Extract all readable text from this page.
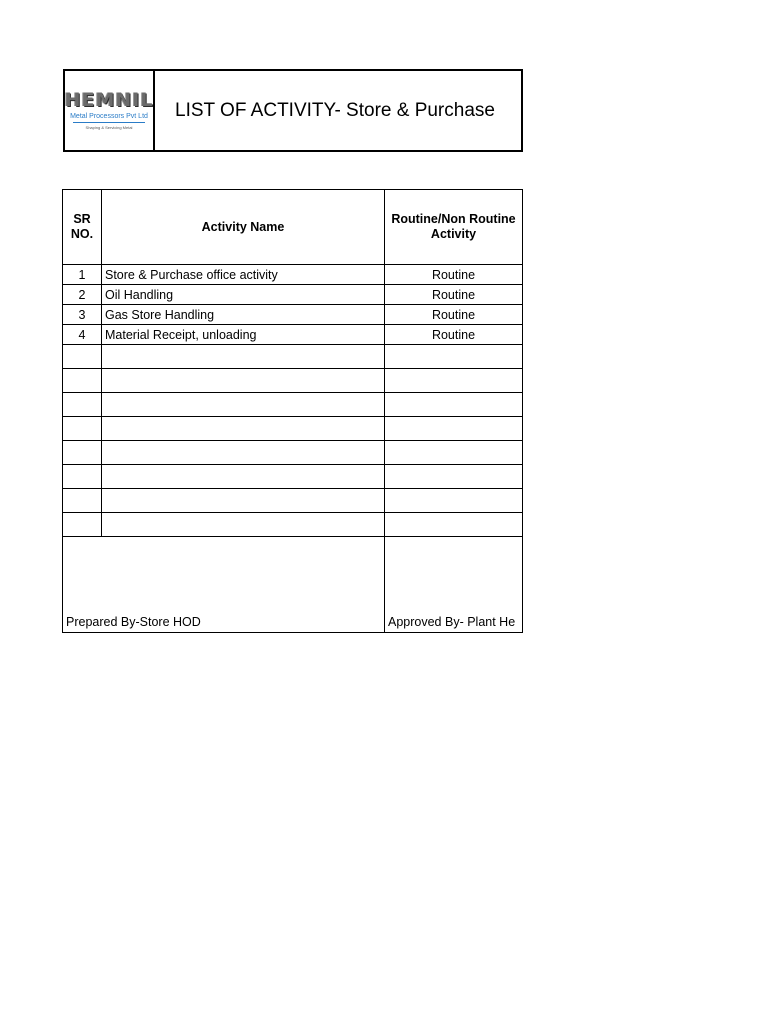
HEMNIL
Metal Processors Pvt Ltd
Shaping & Servicing Metal
LIST OF ACTIVITY- Store & Purchase
SR NO.	Activity Name	Routine/Non Routine Activity
1	Store & Purchase office activity	Routine
2	Oil Handling	Routine
3	Gas Store Handling	Routine
4	Material Receipt, unloading	Routine

Prepared By-Store HOD		Approved By- Plant He
